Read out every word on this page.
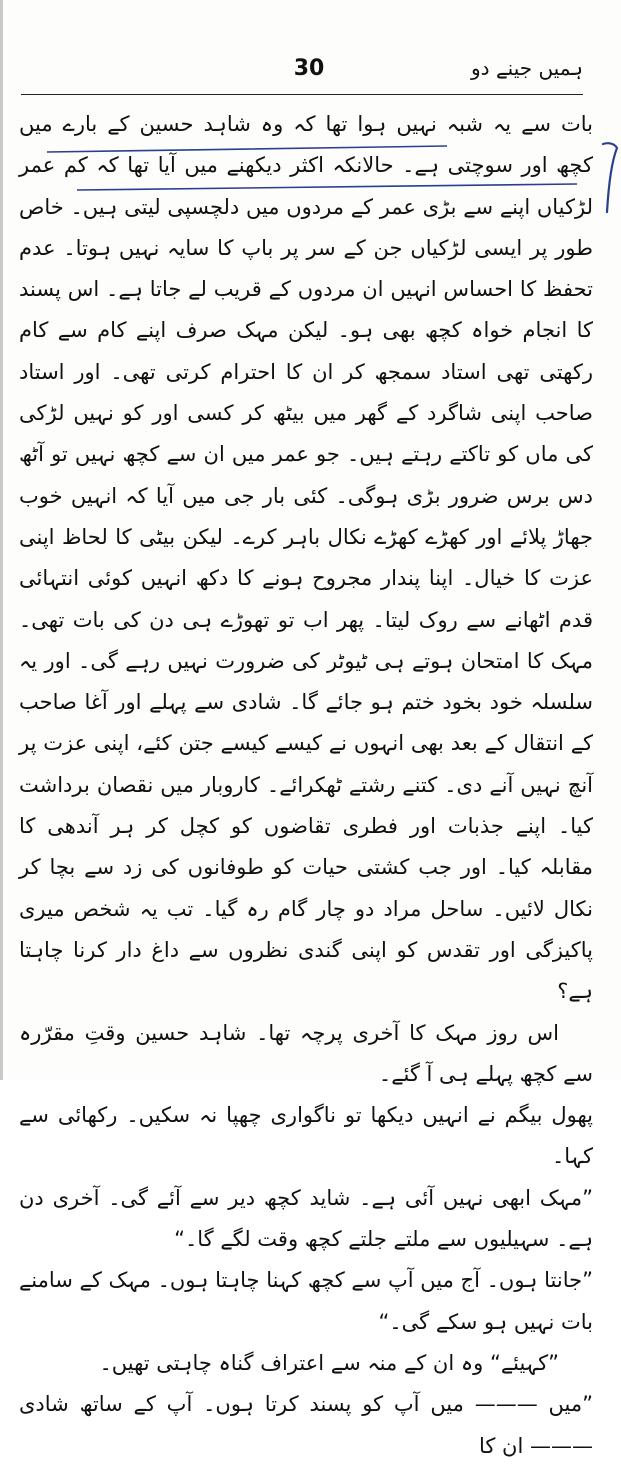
30	ہمیں جینے دو

بات سے یہ شبہ نہیں ہوا تھا کہ وہ شاہد حسین کے بارے میں کچھ اور سوچتی ہے۔ حالانکہ اکثر دیکھنے میں آیا تھا کہ کم عمر لڑکیاں اپنے سے بڑی عمر کے مردوں میں دلچسپی لیتی ہیں۔ خاص طور پر ایسی لڑکیاں جن کے سر پر باپ کا سایہ نہیں ہوتا۔ عدم تحفظ کا احساس انہیں ان مردوں کے قریب لے جاتا ہے۔ اس پسند کا انجام خواہ کچھ بھی ہو۔ لیکن مہک صرف اپنے کام سے کام رکھتی تھی استاد سمجھ کر ان کا احترام کرتی تھی۔ اور استاد صاحب اپنی شاگرد کے گھر میں بیٹھ کر کسی اور کو نہیں لڑکی کی ماں کو تاکتے رہتے ہیں۔ جو عمر میں ان سے کچھ نہیں تو آٹھ دس برس ضرور بڑی ہوگی۔ کئی بار جی میں آیا کہ انہیں خوب جھاڑ پلائے اور کھڑے کھڑے نکال باہر کرے۔ لیکن بیٹی کا لحاظ اپنی عزت کا خیال۔ اپنا پندار مجروح ہونے کا دکھ انہیں کوئی انتہائی قدم اٹھانے سے روک لیتا۔ پھر اب تو تھوڑے ہی دن کی بات تھی۔ مہک کا امتحان ہوتے ہی ٹیوٹر کی ضرورت نہیں رہے گی۔ اور یہ سلسلہ خود بخود ختم ہو جائے گا۔ شادی سے پہلے اور آغا صاحب کے انتقال کے بعد بھی انہوں نے کیسے کیسے جتن کئے، اپنی عزت پر آنچ نہیں آنے دی۔ کتنے رشتے ٹھکرائے۔ کاروبار میں نقصان برداشت کیا۔ اپنے جذبات اور فطری تقاضوں کو کچل کر ہر آندھی کا مقابلہ کیا۔ اور جب کشتی حیات کو طوفانوں کی زد سے بچا کر نکال لائیں۔ ساحل مراد دو چار گام رہ گیا۔ تب یہ شخص میری پاکیزگی اور تقدس کو اپنی گندی نظروں سے داغ دار کرنا چاہتا ہے؟

اس روز مہک کا آخری پرچہ تھا۔ شاہد حسین وقتِ مقرّرہ سے کچھ پہلے ہی آ گئے۔

پھول بیگم نے انہیں دیکھا تو ناگواری چھپا نہ سکیں۔ رکھائی سے کہا۔

”مہک ابھی نہیں آئی ہے۔ شاید کچھ دیر سے آئے گی۔ آخری دن ہے۔ سہیلیوں سے ملتے جلتے کچھ وقت لگے گا۔“

”جانتا ہوں۔ آج میں آپ سے کچھ کہنا چاہتا ہوں۔ مہک کے سامنے بات نہیں ہو سکے گی۔“

”کہیئے“ وہ ان کے منہ سے اعتراف گناہ چاہتی تھیں۔

”میں ——— میں آپ کو پسند کرتا ہوں۔ آپ کے ساتھ شادی ——— ان کا
